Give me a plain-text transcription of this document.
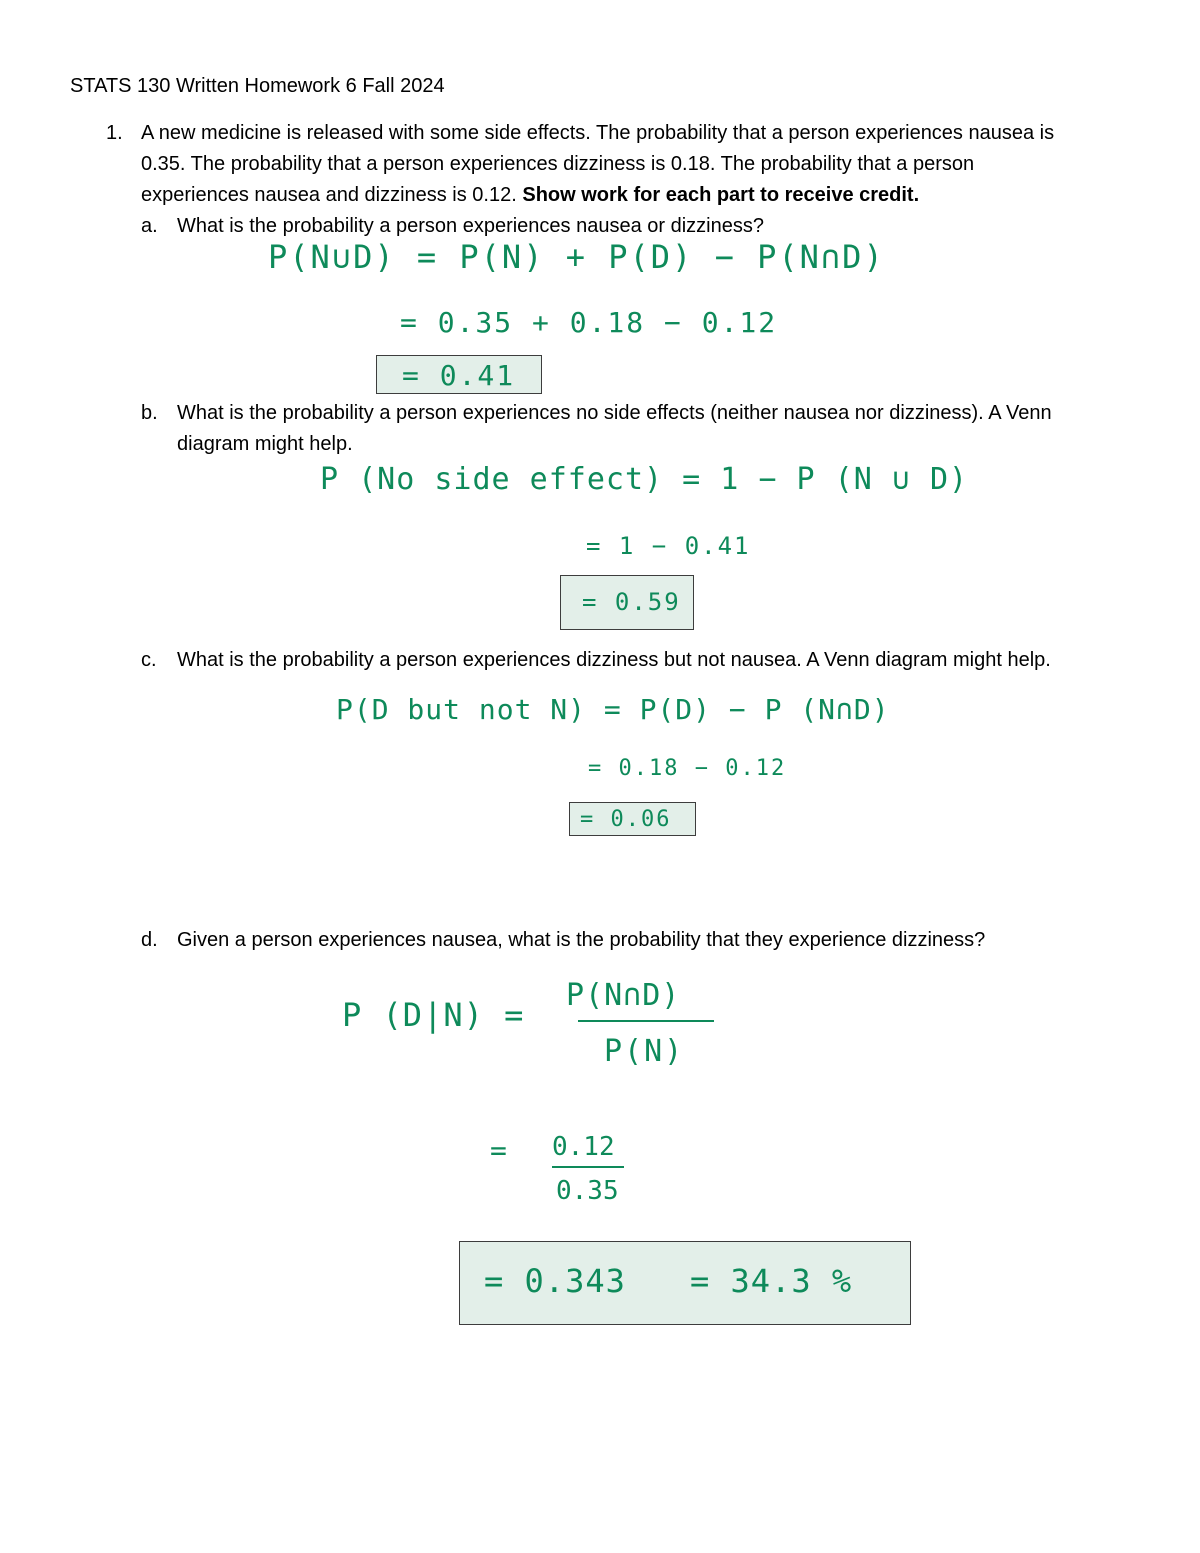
STATS 130 Written Homework 6 Fall 2024
1. A new medicine is released with some side effects. The probability that a person experiences nausea is
0.35. The probability that a person experiences dizziness is 0.18. The probability that a person
experiences nausea and dizziness is 0.12. Show work for each part to receive credit.
a. What is the probability a person experiences nausea or dizziness?
P(N∪D) = P(N) + P(D) − P(N∩D)
= 0.35 + 0.18 − 0.12
= 0.41
b. What is the probability a person experiences no side effects (neither nausea nor dizziness). A Venn
diagram might help.
P (No side effect) = 1 − P (N ∪ D)
= 1 − 0.41
= 0.59
c. What is the probability a person experiences dizziness but not nausea. A Venn diagram might help.
P(D but not N) = P(D) − P (N∩D)
= 0.18 − 0.12
= 0.06
d. Given a person experiences nausea, what is the probability that they experience dizziness?
P (D|N) =
P(N∩D)
P(N)
= 0.12
0.35
= 0.343 = 34.3 %
